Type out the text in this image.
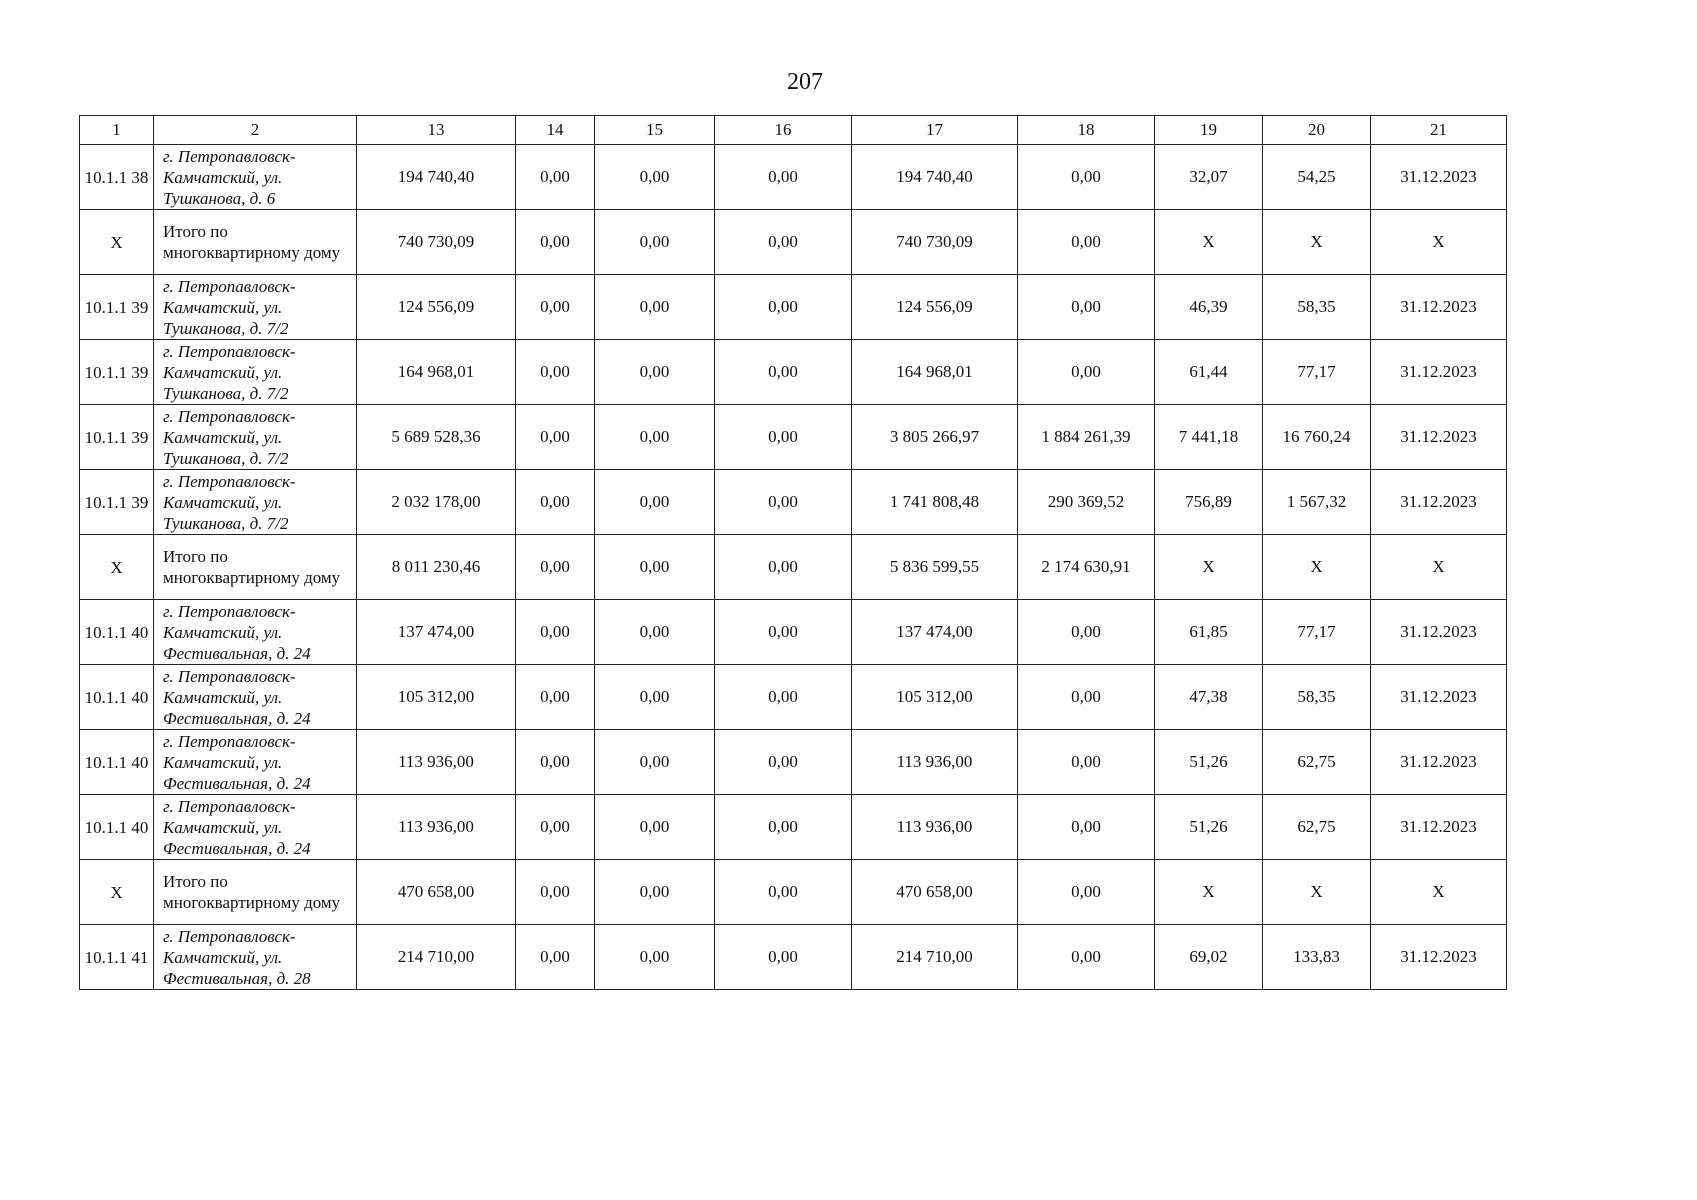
207
1	2	13	14	15	16	17	18	19	20	21
10.1.1 38	г. Петропавловск-Камчатский, ул. Тушканова, д. 6	194 740,40	0,00	0,00	0,00	194 740,40	0,00	32,07	54,25	31.12.2023
X	Итого по многоквартирному дому	740 730,09	0,00	0,00	0,00	740 730,09	0,00	X	X	X
10.1.1 39	г. Петропавловск-Камчатский, ул. Тушканова, д. 7/2	124 556,09	0,00	0,00	0,00	124 556,09	0,00	46,39	58,35	31.12.2023
10.1.1 39	г. Петропавловск-Камчатский, ул. Тушканова, д. 7/2	164 968,01	0,00	0,00	0,00	164 968,01	0,00	61,44	77,17	31.12.2023
10.1.1 39	г. Петропавловск-Камчатский, ул. Тушканова, д. 7/2	5 689 528,36	0,00	0,00	0,00	3 805 266,97	1 884 261,39	7 441,18	16 760,24	31.12.2023
10.1.1 39	г. Петропавловск-Камчатский, ул. Тушканова, д. 7/2	2 032 178,00	0,00	0,00	0,00	1 741 808,48	290 369,52	756,89	1 567,32	31.12.2023
X	Итого по многоквартирному дому	8 011 230,46	0,00	0,00	0,00	5 836 599,55	2 174 630,91	X	X	X
10.1.1 40	г. Петропавловск-Камчатский, ул. Фестивальная, д. 24	137 474,00	0,00	0,00	0,00	137 474,00	0,00	61,85	77,17	31.12.2023
10.1.1 40	г. Петропавловск-Камчатский, ул. Фестивальная, д. 24	105 312,00	0,00	0,00	0,00	105 312,00	0,00	47,38	58,35	31.12.2023
10.1.1 40	г. Петропавловск-Камчатский, ул. Фестивальная, д. 24	113 936,00	0,00	0,00	0,00	113 936,00	0,00	51,26	62,75	31.12.2023
10.1.1 40	г. Петропавловск-Камчатский, ул. Фестивальная, д. 24	113 936,00	0,00	0,00	0,00	113 936,00	0,00	51,26	62,75	31.12.2023
X	Итого по многоквартирному дому	470 658,00	0,00	0,00	0,00	470 658,00	0,00	X	X	X
10.1.1 41	г. Петропавловск-Камчатский, ул. Фестивальная, д. 28	214 710,00	0,00	0,00	0,00	214 710,00	0,00	69,02	133,83	31.12.2023
